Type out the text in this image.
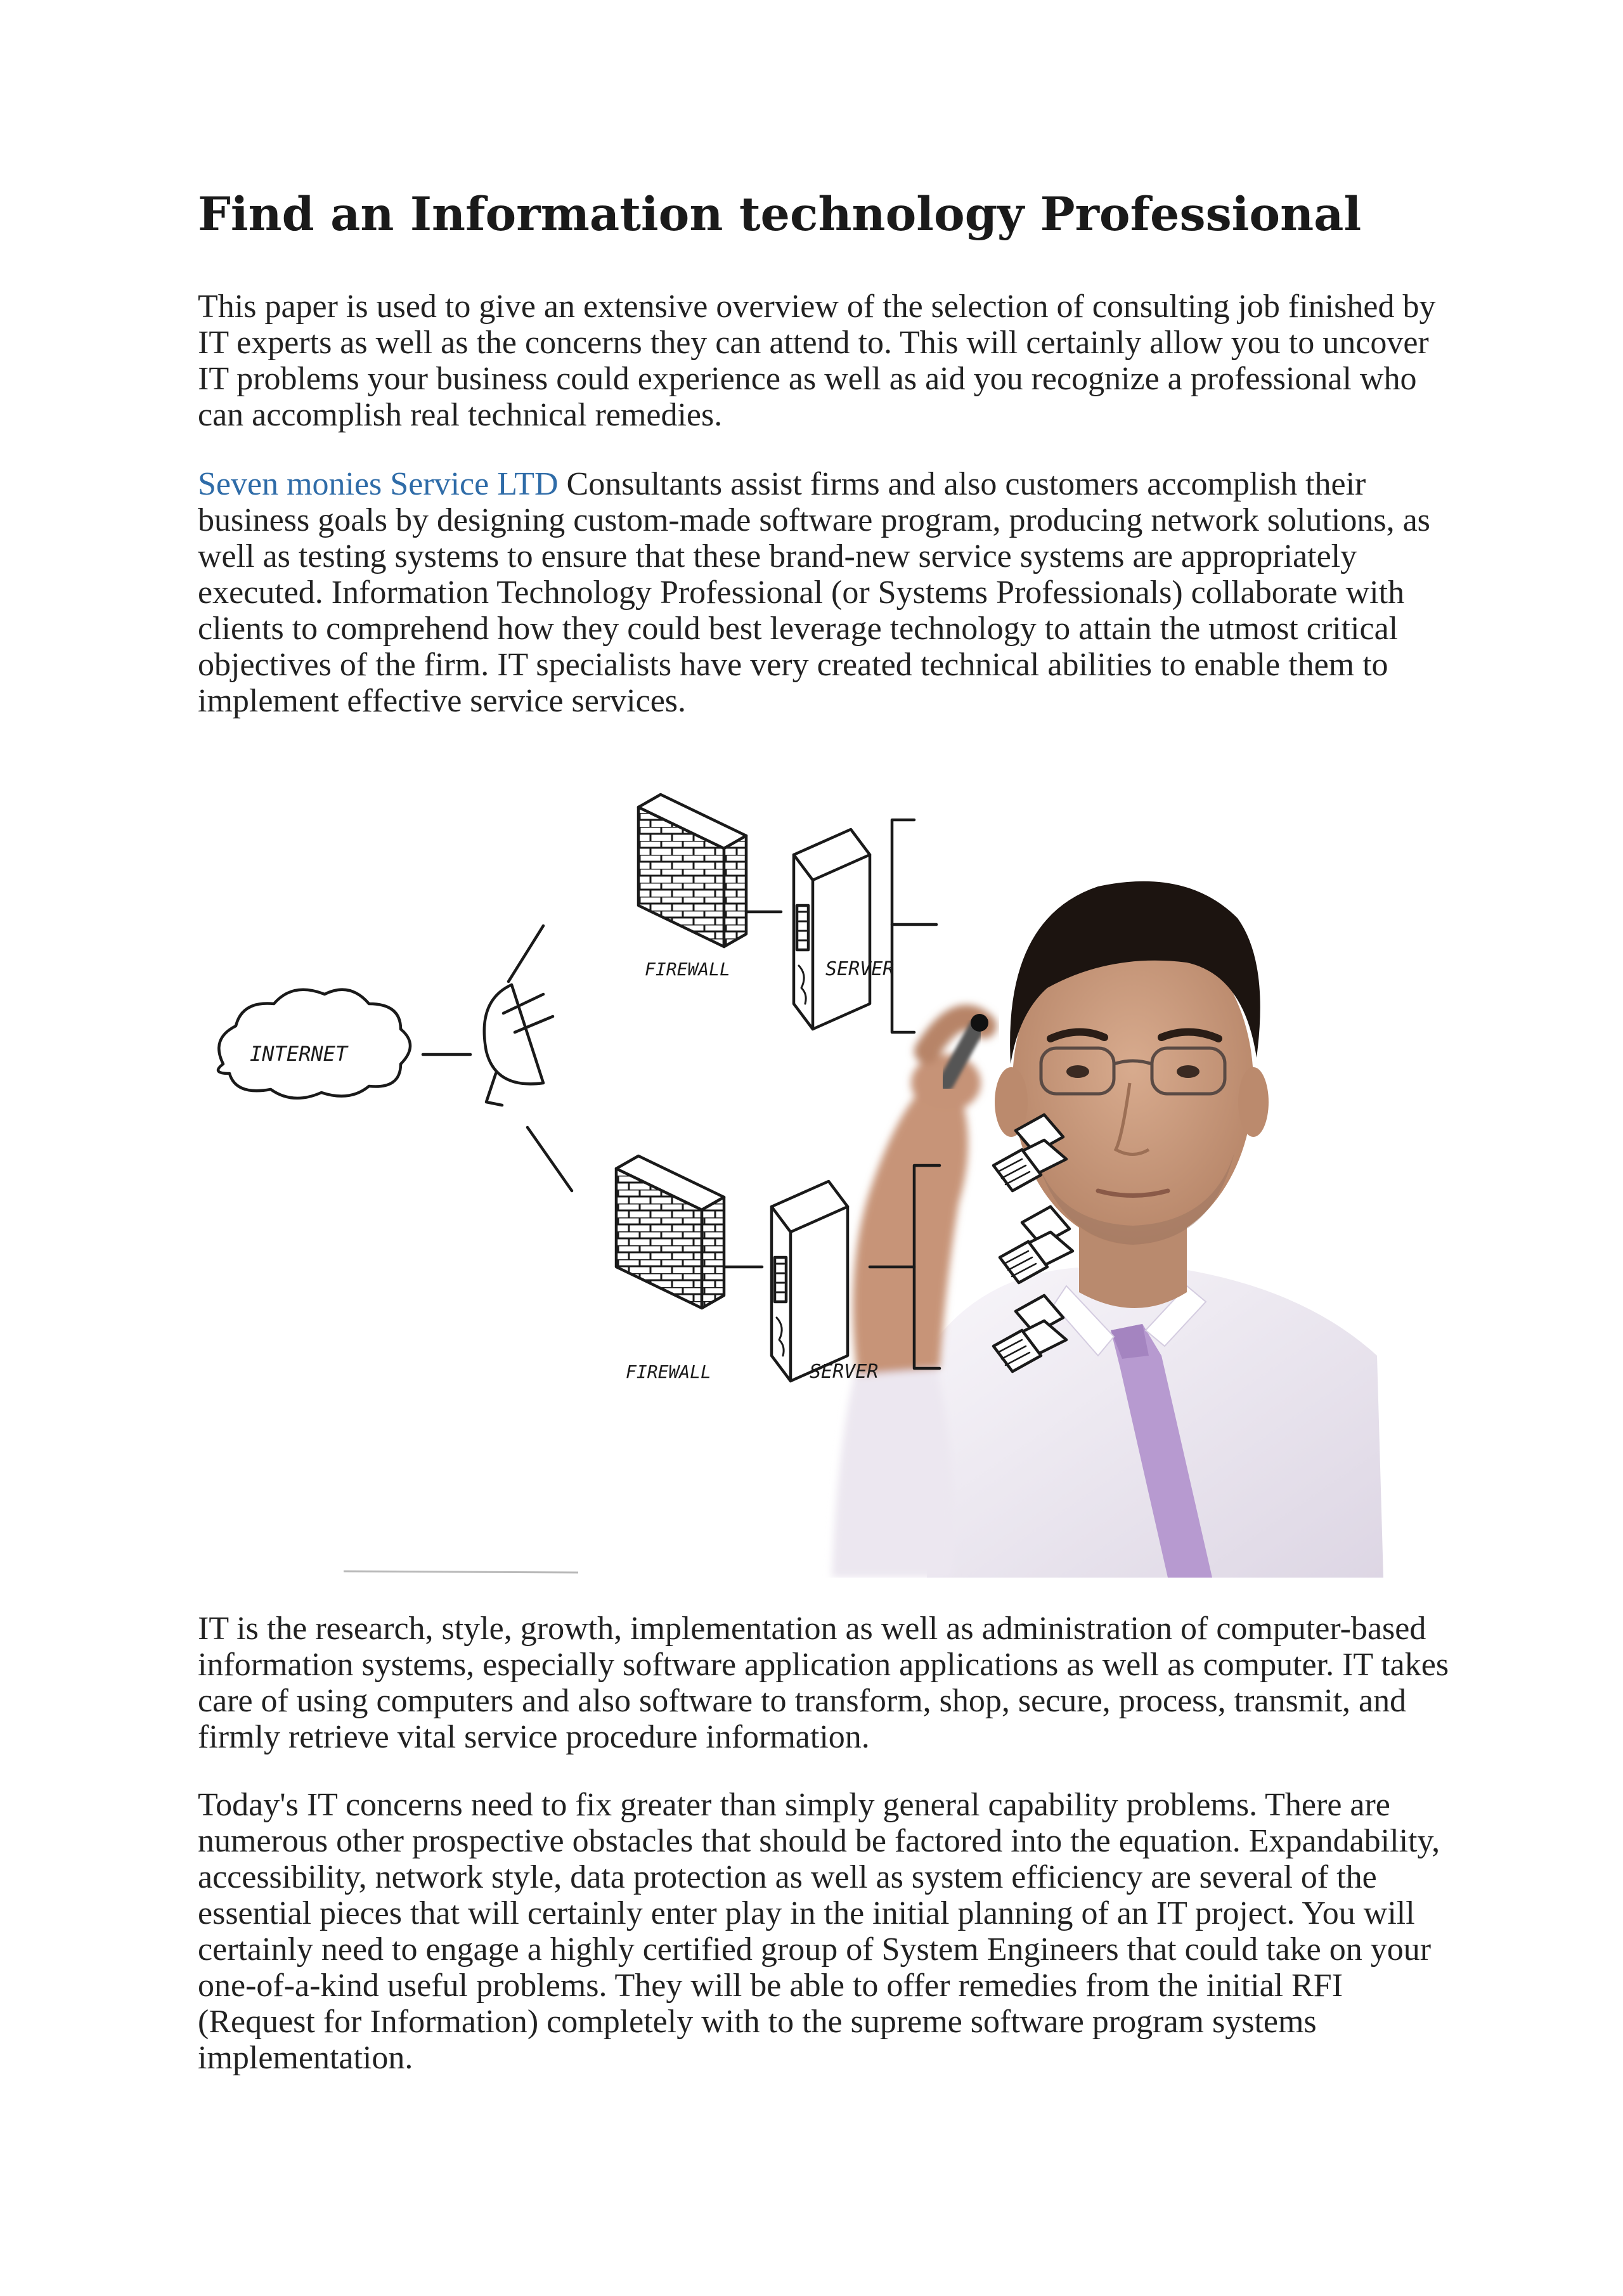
Find an Information technology Professional

This paper is used to give an extensive overview of the selection of consulting job finished by IT experts as well as the concerns they can attend to. This will certainly allow you to uncover IT problems your business could experience as well as aid you recognize a professional who can accomplish real technical remedies.

Seven monies Service LTD Consultants assist firms and also customers accomplish their business goals by designing custom-made software program, producing network solutions, as well as testing systems to ensure that these brand-new service systems are appropriately executed. Information Technology Professional (or Systems Professionals) collaborate with clients to comprehend how they could best leverage technology to attain the utmost critical objectives of the firm. IT specialists have very created technical abilities to enable them to implement effective service services.

INTERNET
FIREWALL	SERVER
FIREWALL	SERVER

IT is the research, style, growth, implementation as well as administration of computer-based information systems, especially software application applications as well as computer. IT takes care of using computers and also software to transform, shop, secure, process, transmit, and firmly retrieve vital service procedure information.

Today's IT concerns need to fix greater than simply general capability problems. There are numerous other prospective obstacles that should be factored into the equation. Expandability, accessibility, network style, data protection as well as system efficiency are several of the essential pieces that will certainly enter play in the initial planning of an IT project. You will certainly need to engage a highly certified group of System Engineers that could take on your one-of-a-kind useful problems. They will be able to offer remedies from the initial RFI (Request for Information) completely with to the supreme software program systems implementation.
